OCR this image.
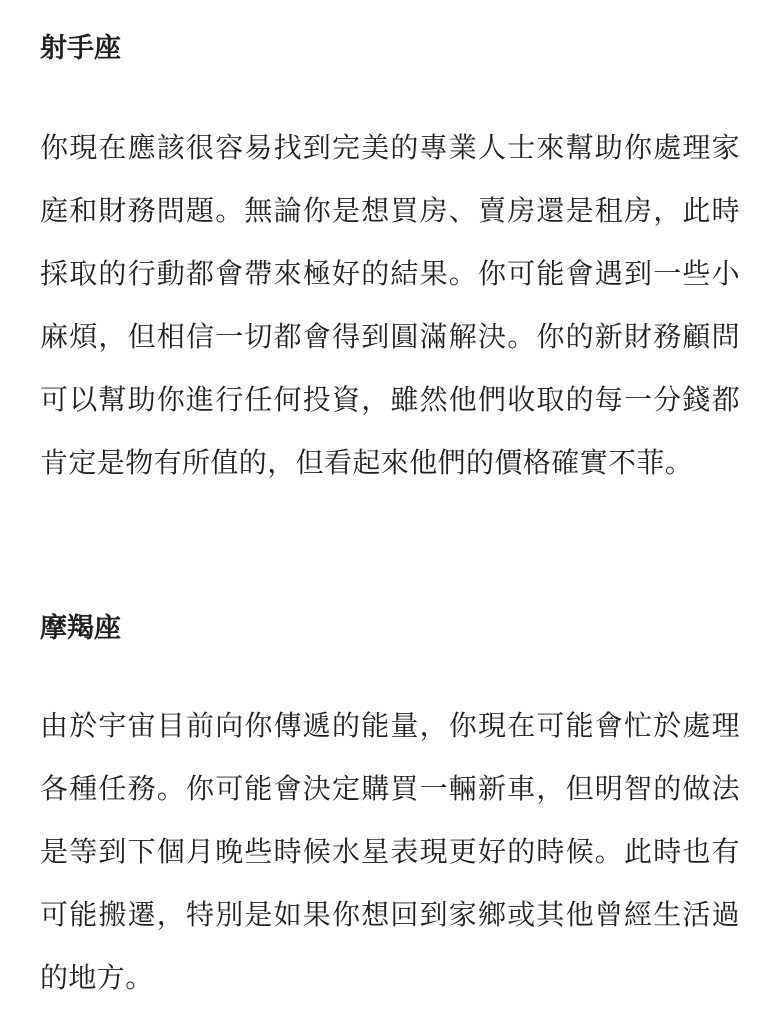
射手座

你現在應該很容易找到完美的專業人士來幫助你處理家庭和財務問題。無論你是想買房、賣房還是租房，此時採取的行動都會帶來極好的結果。你可能會遇到一些小麻煩，但相信一切都會得到圓滿解決。你的新財務顧問可以幫助你進行任何投資，雖然他們收取的每一分錢都肯定是物有所值的，但看起來他們的價格確實不菲。

摩羯座

由於宇宙目前向你傳遞的能量，你現在可能會忙於處理各種任務。你可能會決定購買一輛新車，但明智的做法是等到下個月晚些時候水星表現更好的時候。此時也有可能搬遷，特別是如果你想回到家鄉或其他曾經生活過的地方。
